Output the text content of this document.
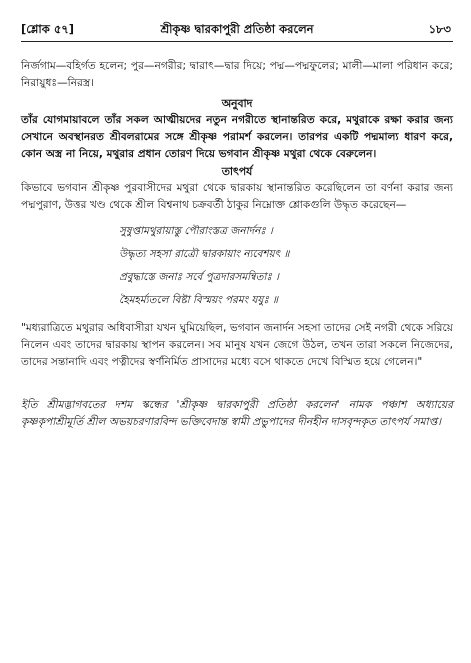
[শ্লোক ৫৭]	শ্রীকৃষ্ণ দ্বারকাপুরী প্রতিষ্ঠা করলেন	১৮৩

নির্জগাম—বহির্গত হলেন; পুর—নগরীর; দ্বারাৎ—দ্বার দিয়ে; পদ্ম—পদ্মফুলের; মালী—মালা পরিধান করে; নিরায়ুধঃ—নিরস্ত্র।

অনুবাদ

তাঁর যোগমায়াবলে তাঁর সকল আত্মীয়দের নতুন নগরীতে স্থানান্তরিত করে, মথুরাকে রক্ষা করার জন্য সেখানে অবস্থানরত শ্রীবলরামের সঙ্গে শ্রীকৃষ্ণ পরামর্শ করলেন। তারপর একটি পদ্মমাল্য ধারণ করে, কোন অস্ত্র না নিয়ে, মথুরার প্রধান তোরণ দিয়ে ভগবান শ্রীকৃষ্ণ মথুরা থেকে বেরুলেন।

তাৎপর্য

কিভাবে ভগবান শ্রীকৃষ্ণ পুরবাসীদের মথুরা থেকে দ্বারকায় স্থানান্তরিত করেছিলেন তা বর্ণনা করার জন্য পদ্মপুরাণ, উত্তর খণ্ড থেকে শ্রীল বিশ্বনাথ চক্রবর্তী ঠাকুর নিম্নোক্ত শ্লোকগুলি উদ্ধৃত করেছেন—

সুষুপ্তামথুরায়াস্তু পৌরাংস্তত্র জনার্দনঃ ।
উদ্ধৃত্য সহসা রাত্রৌ দ্বারকায়াং ন্যবেশয়ৎ ॥
প্রবুদ্ধাস্তে জনাঃ সর্বে পুত্রদারসমন্বিতাঃ ।
হৈমহর্ম্যতলে বিষ্টা বিস্ময়ং পরমং যযুঃ ॥

"মধ্যরাত্রিতে মথুরার অধিবাসীরা যখন ঘুমিয়েছিল, ভগবান জনার্দন সহসা তাদের সেই নগরী থেকে সরিয়ে নিলেন এবং তাদের দ্বারকায় স্থাপন করলেন। সব মানুষ যখন জেগে উঠল, তখন তারা সকলে নিজেদের, তাদের সন্তানাদি এবং পত্নীদের স্বর্ণনির্মিত প্রাসাদের মধ্যে বসে থাকতে দেখে বিস্মিত হয়ে গেলেন।"

ইতি শ্রীমদ্ভাগবতের দশম স্কন্ধের 'শ্রীকৃষ্ণ দ্বারকাপুরী প্রতিষ্ঠা করলেন' নামক পঞ্চাশ অধ্যায়ের কৃষ্ণকৃপাশ্রীমূর্তি শ্রীল অভয়চরণারবিন্দ ভক্তিবেদান্ত স্বামী প্রভুপাদের দীনহীন দাসবৃন্দকৃত তাৎপর্য সমাপ্ত।
